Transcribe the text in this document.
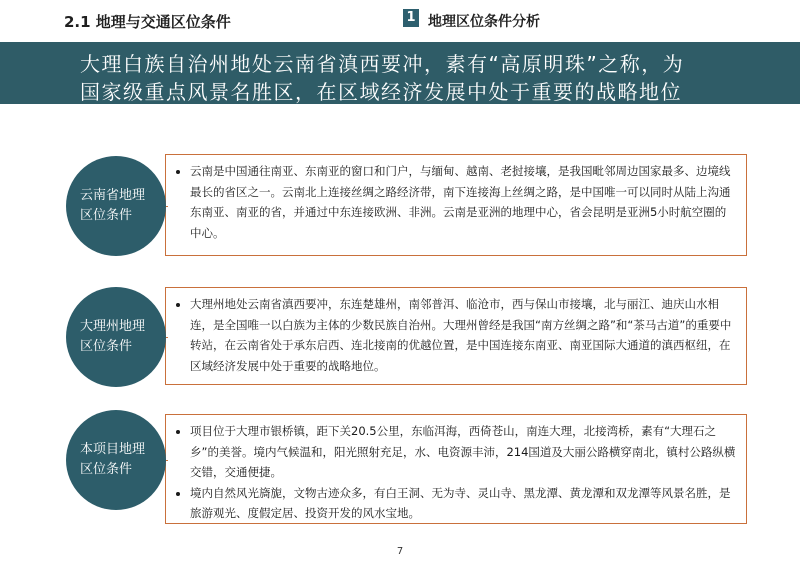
2.1 地理与交通区位条件	1 地理区位条件分析
大理白族自治州地处云南省滇西要冲，素有“高原明珠”之称，为
国家级重点风景名胜区，在区域经济发展中处于重要的战略地位
云南省地理区位条件
• 云南是中国通往南亚、东南亚的窗口和门户，与缅甸、越南、老挝接壤，是我国毗邻周边国家最多、边境线最长的省区之一。云南北上连接丝绸之路经济带，南下连接海上丝绸之路，是中国唯一可以同时从陆上沟通东南亚、南亚的省，并通过中东连接欧洲、非洲。云南是亚洲的地理中心，省会昆明是亚洲5小时航空圈的中心。
大理州地理区位条件
• 大理州地处云南省滇西要冲，东连楚雄州，南邻普洱、临沧市，西与保山市接壤，北与丽江、迪庆山水相连，是全国唯一以白族为主体的少数民族自治州。大理州曾经是我国“南方丝绸之路”和“茶马古道”的重要中转站，在云南省处于承东启西、连北接南的优越位置，是中国连接东南亚、南亚国际大通道的滇西枢纽，在区域经济发展中处于重要的战略地位。
本项目地理区位条件
• 项目位于大理市银桥镇，距下关20.5公里，东临洱海，西倚苍山，南连大理，北接湾桥，素有“大理石之乡”的美誉。境内气候温和，阳光照射充足，水、电资源丰沛，214国道及大丽公路横穿南北，镇村公路纵横交错，交通便捷。
• 境内自然风光旖旎，文物古迹众多，有白王洞、无为寺、灵山寺、黑龙潭、黄龙潭和双龙潭等风景名胜，是旅游观光、度假定居、投资开发的风水宝地。
7
